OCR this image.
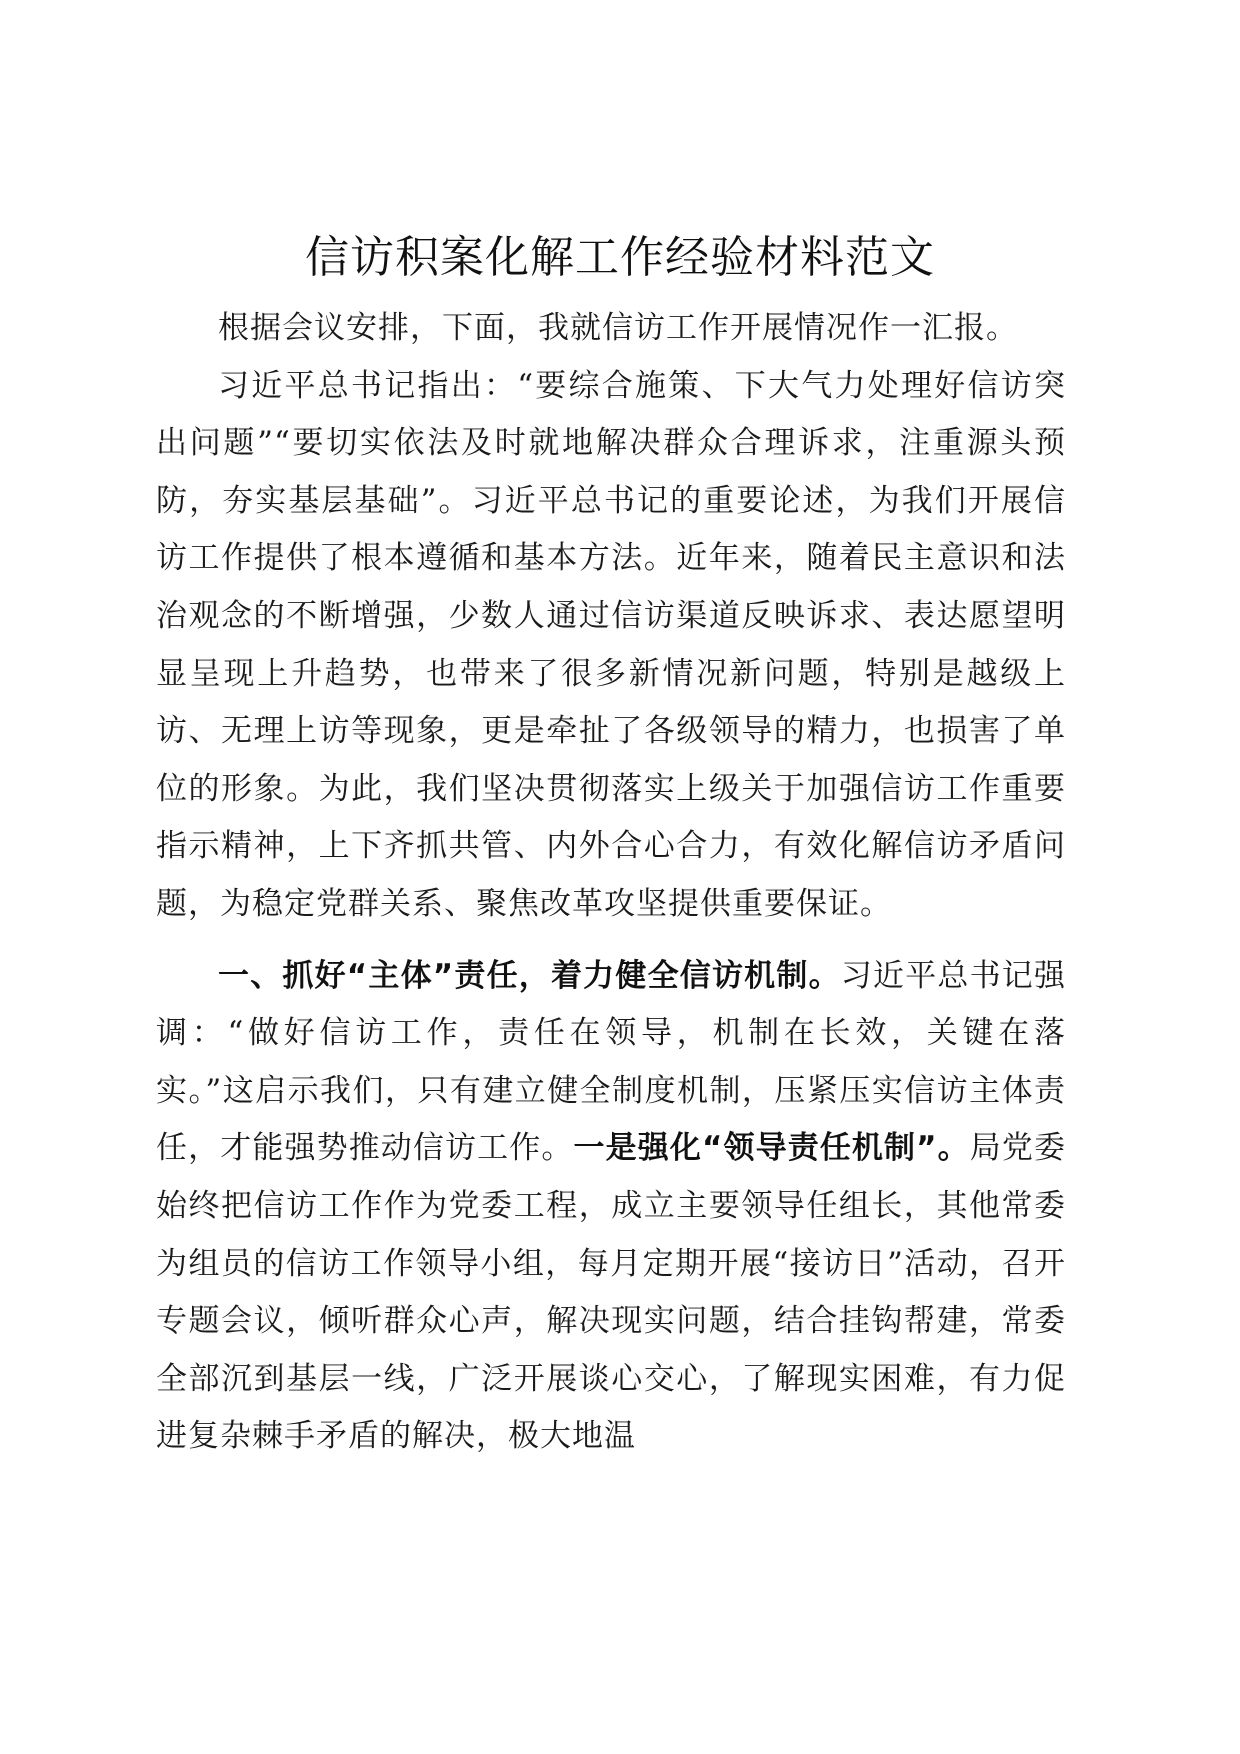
信访积案化解工作经验材料范文

根据会议安排，下面，我就信访工作开展情况作一汇报。

习近平总书记指出：“要综合施策、下大气力处理好信访突出问题”“要切实依法及时就地解决群众合理诉求，注重源头预防，夯实基层基础”。习近平总书记的重要论述，为我们开展信访工作提供了根本遵循和基本方法。近年来，随着民主意识和法治观念的不断增强，少数人通过信访渠道反映诉求、表达愿望明显呈现上升趋势，也带来了很多新情况新问题，特别是越级上访、无理上访等现象，更是牵扯了各级领导的精力，也损害了单位的形象。为此，我们坚决贯彻落实上级关于加强信访工作重要指示精神，上下齐抓共管、内外合心合力，有效化解信访矛盾问题，为稳定党群关系、聚焦改革攻坚提供重要保证。

一、抓好“主体”责任，着力健全信访机制。习近平总书记强调：“做好信访工作，责任在领导，机制在长效，关键在落实。”这启示我们，只有建立健全制度机制，压紧压实信访主体责任，才能强势推动信访工作。一是强化“领导责任机制”。局党委始终把信访工作作为党委工程，成立主要领导任组长，其他常委为组员的信访工作领导小组，每月定期开展“接访日”活动，召开专题会议，倾听群众心声，解决现实问题，结合挂钩帮建，常委全部沉到基层一线，广泛开展谈心交心，了解现实困难，有力促进复杂棘手矛盾的解决，极大地温
